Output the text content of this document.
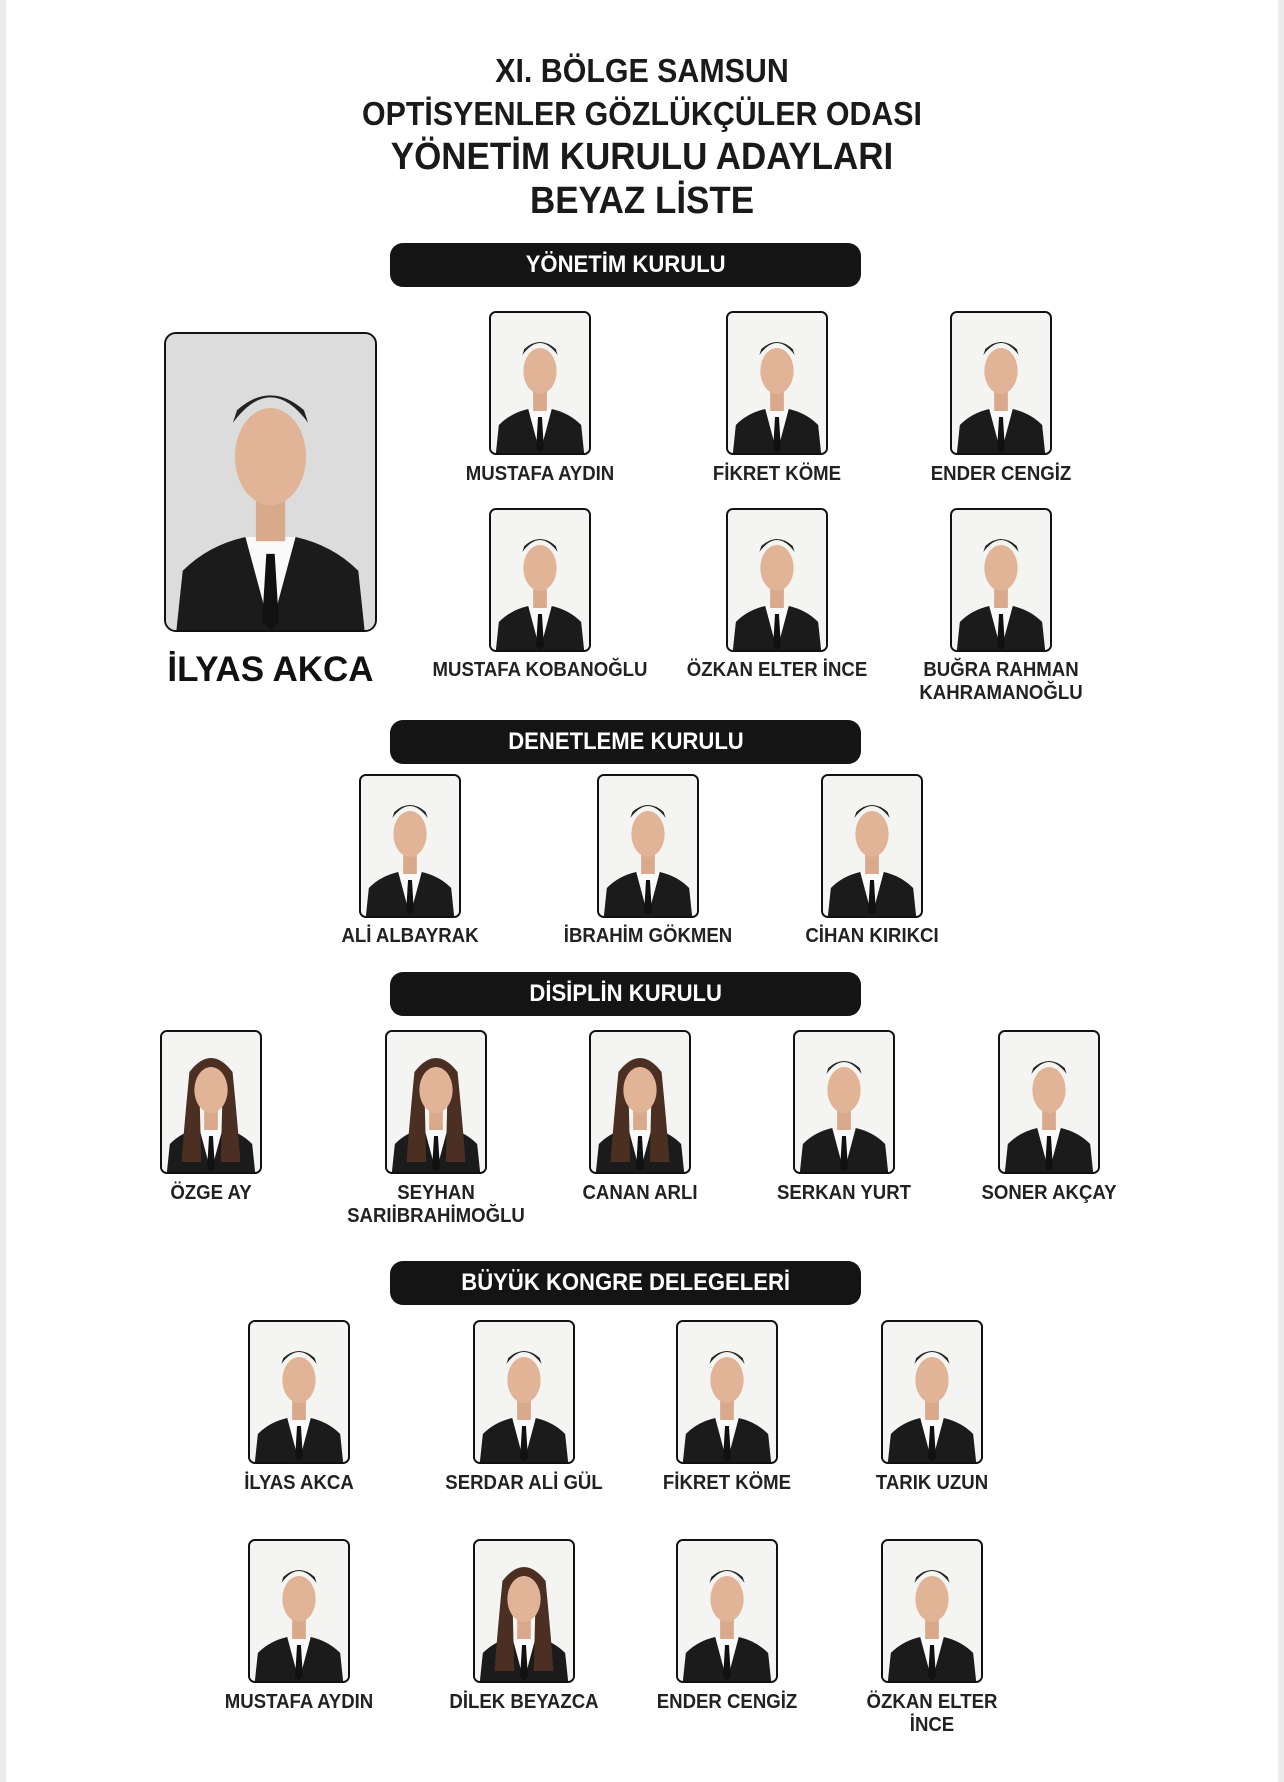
XI. BÖLGE SAMSUN
OPTİSYENLER GÖZLÜKÇÜLER ODASI
YÖNETİM KURULU ADAYLARI
BEYAZ LİSTE
YÖNETİM KURULU
DENETLEME KURULU
DİSİPLİN KURULU
BÜYÜK KONGRE DELEGELERİ
İLYAS AKCA
MUSTAFA AYDIN	FİKRET KÖME	ENDER CENGİZ
MUSTAFA KOBANOĞLU ÖZKAN ELTER İNCE	BUĞRA RAHMAN
KAHRAMANOĞLU
ALİ ALBAYRAK	İBRAHİM GÖKMEN	CİHAN KIRIKCI
ÖZGE AY	SEYHAN
SARIİBRAHİMOĞLU
CANAN ARLI	SERKAN YURT	SONER AKÇAY
İLYAS AKCA	SERDAR ALİ GÜL	FİKRET KÖME	TARIK UZUN
MUSTAFA AYDIN	DİLEK BEYAZCA	ENDER CENGİZ	ÖZKAN ELTER
İNCE
